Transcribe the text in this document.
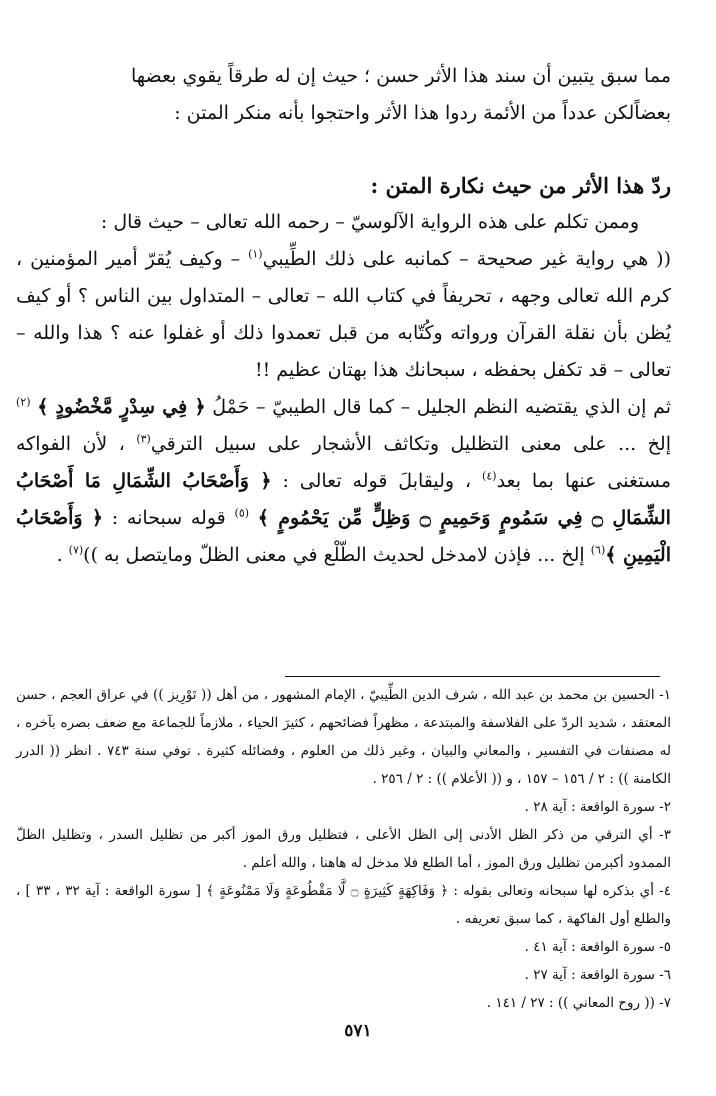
مما سبق يتبين أن سند هذا الأثر حسن ؛ حيث إن له طرقاً يقوي بعضها

بعضاًلكن عدداً من الأئمة ردوا هذا الأثر واحتجوا بأنه منكر المتن :

ردّ هذا الأثر من حيث نكارة المتن :

وممن تكلم على هذه الرواية الآلوسيّ – رحمه الله تعالى – حيث قال :

(( هي رواية غير صحيحة – كمانبه على ذلك الطِّيبي$^{(١)}$ – وكيف يُقرّ أمير المؤمنين ، كرم الله تعالى وجهه ، تحريفاً في كتاب الله – تعالى – المتداول بين الناس ؟ أو كيف يُظن بأن نقلة القرآن ورواته وكُتّابه من قبل تعمدوا ذلك أو غفلوا عنه ؟ هذا والله – تعالى – قد تكفل بحفظه ، سبحانك هذا بهتان عظيم !!

ثم إن الذي يقتضيه النظم الجليل – كما قال الطيبيّ – حَمْلُ ﴿ فِي سِدْرٍ مَّخْضُودٍ ﴾ $^{(٢)}$ إلخ ... على معنى التظليل وتكاثف الأشجار على سبيل الترقي$^{(٣)}$ ، لأن الفواكه مستغنى عنها بما بعد$^{(٤)}$ ، وليقابلَ قوله تعالى : ﴿ وَأَصْحَابُ الشِّمَالِ مَا أَصْحَابُ الشِّمَالِ ۝ فِي سَمُومٍ وَحَمِيمٍ ۝ وَظِلٍّ مِّن يَحْمُومٍ ﴾ $^{(٥)}$ قوله سبحانه : ﴿ وَأَصْحَابُ الْيَمِينِ ﴾$^{(٦)}$ إلخ ... فإذن لامدخل لحديث الطّلْع في معنى الظلّ ومايتصل به ))$^{(٧)}$ .

١- الحسين بن محمد بن عبد الله ، شرف الدين الطِّيبيّ ، الإمام المشهور ، من أهل (( تَوْرِيز )) في عراق العجم ، حسن المعتقد ، شديد الردّ على الفلاسفة والمبتدعة ، مظهراً فضائحهم ، كثيرَ الحياء ، ملازماً للجماعة مع ضعف بصره بآخره ، له مصنفات في التفسير ، والمعاني والبيان ، وغير ذلك من العلوم ، وفضائله كثيرة . توفي سنة ٧٤٣ . انظر (( الدرر الكامنة )) : ٢ / ١٥٦ – ١٥٧ ، و (( الأعلام )) : ٢ / ٢٥٦ .

٢- سورة الواقعة : آية ٢٨ .

٣- أي الترقي من ذكر الظل الأدنى إلى الظل الأعلى ، فتظليل ورق الموز أكبر من تظليل السدر ، وتظليل الظلّ الممدود أكبرمن تظليل ورق الموز ، أما الطلع فلا مدخل له هاهنا ، والله أعلم .

٤- أي بذكره لها سبحانه وتعالى بقوله : ﴿ وَفَاكِهَةٍ كَثِيرَةٍ ۝ لَّا مَقْطُوعَةٍ وَلَا مَمْنُوعَةٍ ﴾ [ سورة الواقعة : آية ٣٢ ، ٣٣ ] ، والطلع أول الفاكهة ، كما سبق تعريفه .

٥- سورة الواقعة : آية ٤١ .

٦- سورة الواقعة : آية ٢٧ .

٧- (( روح المعاني )) : ٢٧ / ١٤١ .

٥٧١
